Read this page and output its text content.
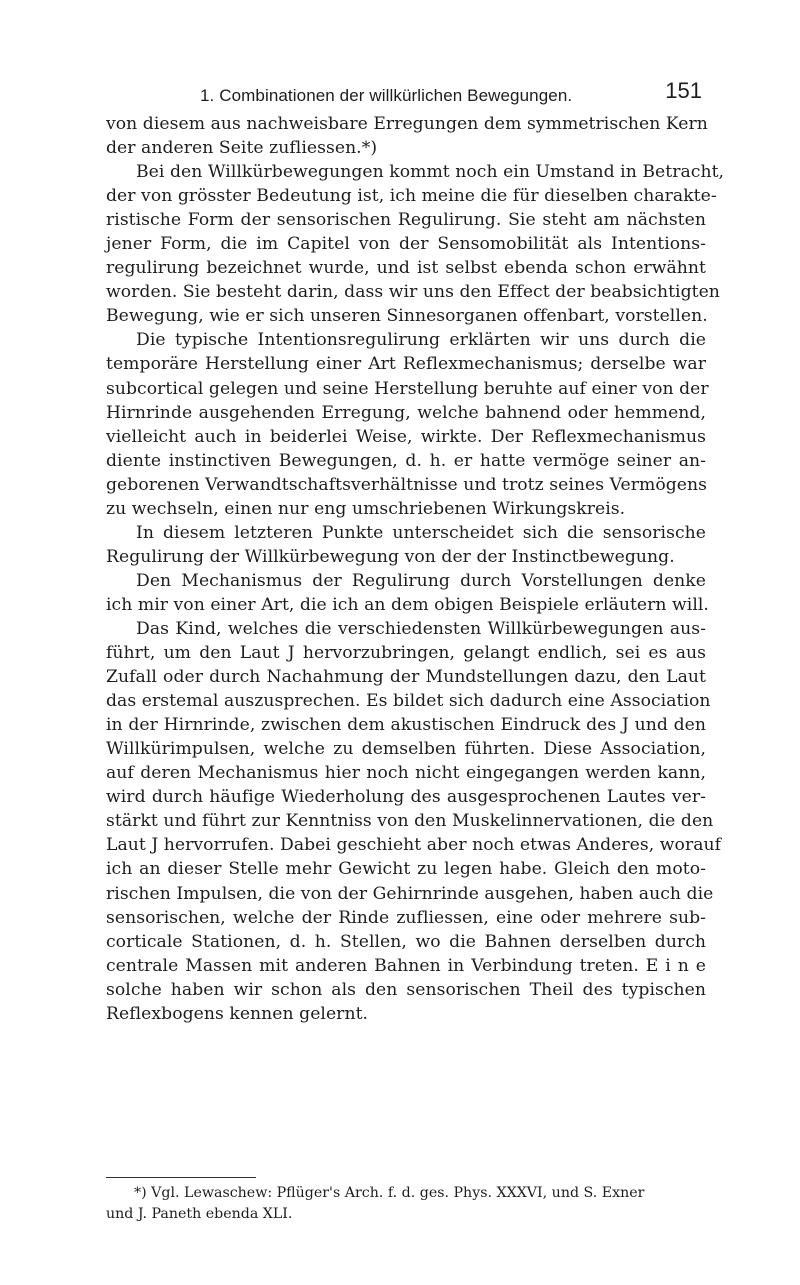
1. Combinationen der willkürlichen Bewegungen.	151
von diesem aus nachweisbare Erregungen dem symmetrischen Kern
der anderen Seite zufliessen.*)
Bei den Willkürbewegungen kommt noch ein Umstand in Betracht,
der von grösster Bedeutung ist, ich meine die für dieselben charakte-
ristische Form der sensorischen Regulirung. Sie steht am nächsten
jener Form, die im Capitel von der Sensomobilität als Intentions-
regulirung bezeichnet wurde, und ist selbst ebenda schon erwähnt
worden. Sie besteht darin, dass wir uns den Effect der beabsichtigten
Bewegung, wie er sich unseren Sinnesorganen offenbart, vorstellen.
Die typische Intentionsregulirung erklärten wir uns durch die
temporäre Herstellung einer Art Reflexmechanismus; derselbe war
subcortical gelegen und seine Herstellung beruhte auf einer von der
Hirnrinde ausgehenden Erregung, welche bahnend oder hemmend,
vielleicht auch in beiderlei Weise, wirkte. Der Reflexmechanismus
diente instinctiven Bewegungen, d. h. er hatte vermöge seiner an-
geborenen Verwandtschaftsverhältnisse und trotz seines Vermögens
zu wechseln, einen nur eng umschriebenen Wirkungskreis.
In diesem letzteren Punkte unterscheidet sich die sensorische
Regulirung der Willkürbewegung von der der Instinctbewegung.
Den Mechanismus der Regulirung durch Vorstellungen denke
ich mir von einer Art, die ich an dem obigen Beispiele erläutern will.
Das Kind, welches die verschiedensten Willkürbewegungen aus-
führt, um den Laut J hervorzubringen, gelangt endlich, sei es aus
Zufall oder durch Nachahmung der Mundstellungen dazu, den Laut
das erstemal auszusprechen. Es bildet sich dadurch eine Association
in der Hirnrinde, zwischen dem akustischen Eindruck des J und den
Willkürimpulsen, welche zu demselben führten. Diese Association,
auf deren Mechanismus hier noch nicht eingegangen werden kann,
wird durch häufige Wiederholung des ausgesprochenen Lautes ver-
stärkt und führt zur Kenntniss von den Muskelinnervationen, die den
Laut J hervorrufen. Dabei geschieht aber noch etwas Anderes, worauf
ich an dieser Stelle mehr Gewicht zu legen habe. Gleich den moto-
rischen Impulsen, die von der Gehirnrinde ausgehen, haben auch die
sensorischen, welche der Rinde zufliessen, eine oder mehrere sub-
corticale Stationen, d. h. Stellen, wo die Bahnen derselben durch
centrale Massen mit anderen Bahnen in Verbindung treten. E i n e
solche haben wir schon als den sensorischen Theil des typischen
Reflexbogens kennen gelernt.
*) Vgl. Lewaschew: Pflüger's Arch. f. d. ges. Phys. XXXVI, und S. Exner
und J. Paneth ebenda XLI.
